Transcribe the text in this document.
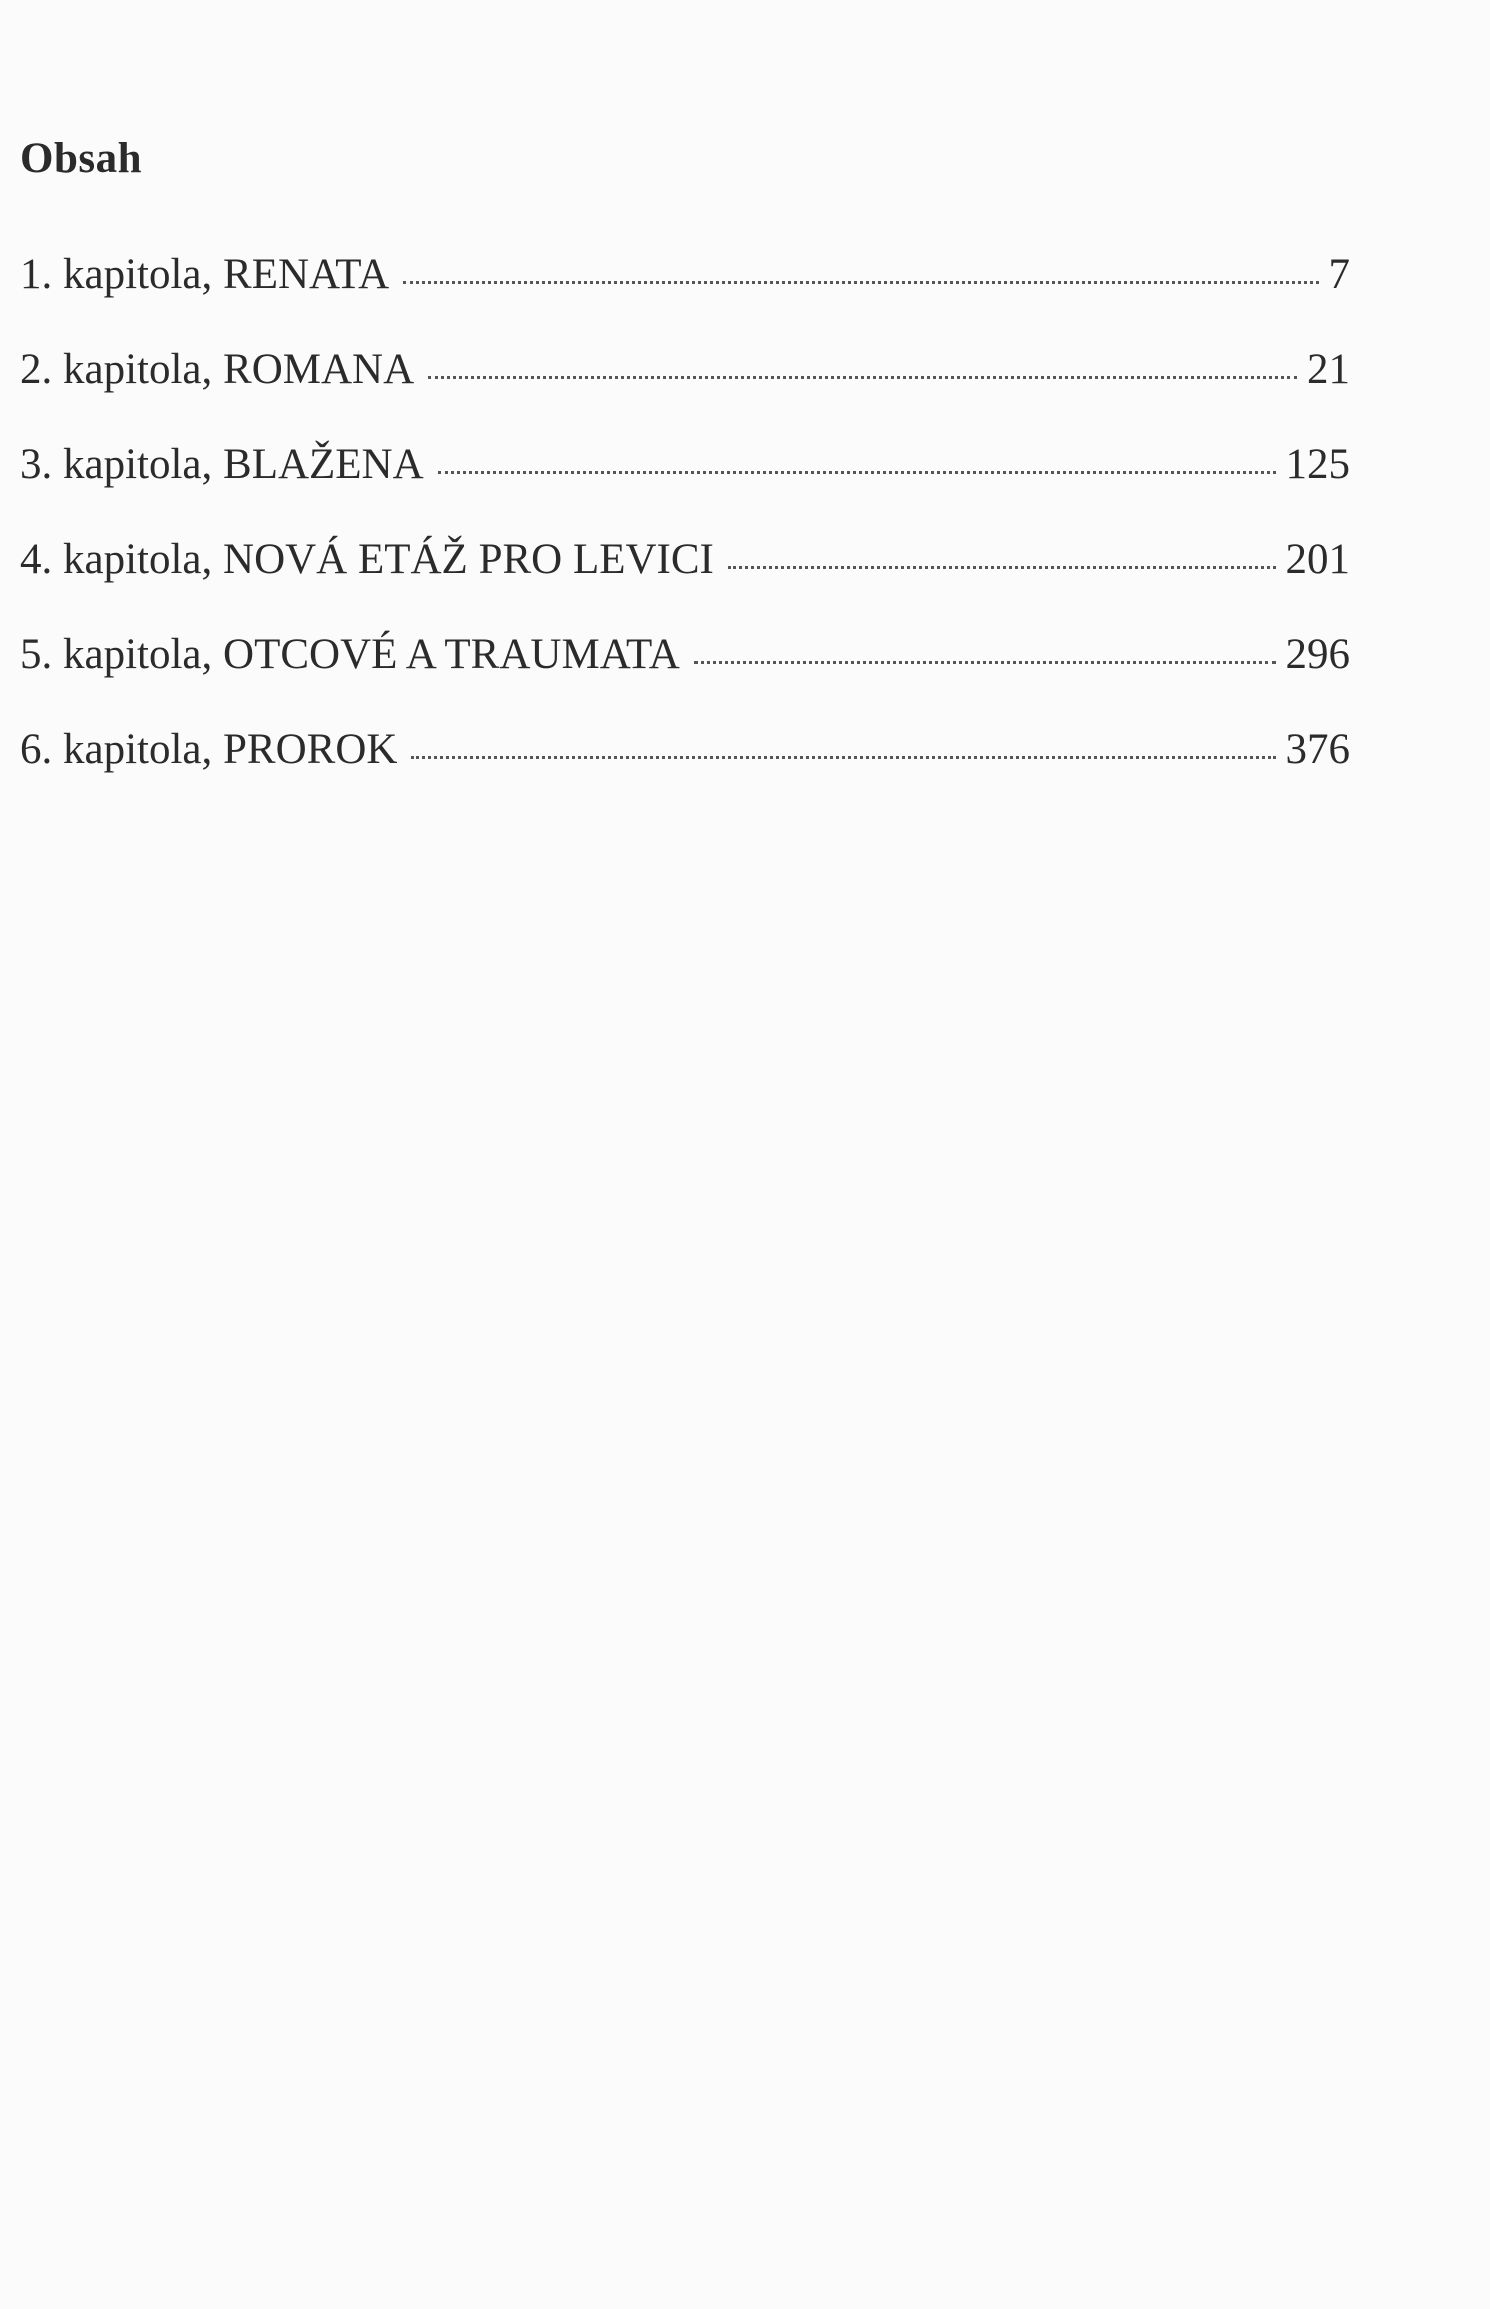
Obsah
1. kapitola, RENATA	7
2. kapitola, ROMANA	21
3. kapitola, BLAŽENA	125
4. kapitola, NOVÁ ETÁŽ PRO LEVICI	201
5. kapitola, OTCOVÉ A TRAUMATA	296
6. kapitola, PROROK	376
